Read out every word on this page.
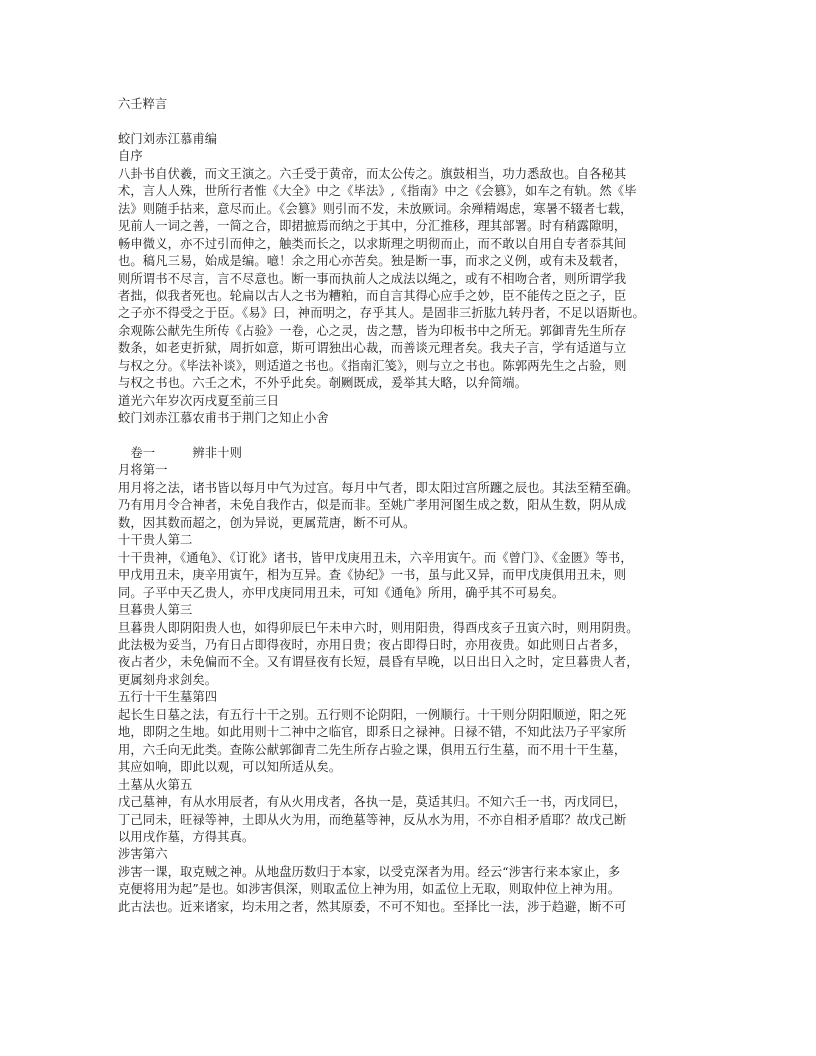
六壬粹言
蛟门刘赤江慕甫编
自序
八卦书自伏羲，而文王演之。六壬受于黄帝，而太公传之。旗鼓相当，功力悉敌也。自各秘其
术，言人人殊，世所行者惟《大全》中之《毕法》,《指南》中之《会篡》，如车之有轨。然《毕
法》则随手拈来，意尽而止。《会篡》则引而不发，未放厥词。余殚精竭虑，寒暑不辍者七载，
见前人一词之善，一简之合，即捃摭焉而纳之于其中，分汇推移，理其部署。时有稍露隙明，
畅申微义，亦不过引而伸之，触类而长之，以求斯理之明彻而止，而不敢以自用自专者忝其间
也。稿凡三易，始成是编。噫！余之用心亦苦矣。独是断一事，而求之义例，或有未及载者，
则所谓书不尽言，言不尽意也。断一事而执前人之成法以绳之，或有不相吻合者，则所谓学我
者拙，似我者死也。轮扁以古人之书为糟粕，而自言其得心应手之妙，臣不能传之臣之子，臣
之子亦不得受之于臣。《易》曰，神而明之，存乎其人。是固非三折肱九转丹者，不足以语斯也。
余观陈公献先生所传《占验》一卷，心之灵，齿之慧，皆为印板书中之所无。郭御青先生所存
数条，如老吏折狱，周折如意，斯可谓独出心裁，而善谈元理者矣。我夫子言，学有适道与立
与权之分。《毕法补谈》，则适道之书也。《指南汇笺》，则与立之书也。陈郭两先生之占验，则
与权之书也。六壬之术，不外乎此矣。剞劂既成，爰举其大略，以弁简端。
道光六年岁次丙戌夏至前三日
蛟门刘赤江慕农甫书于荆门之知止小舍
　卷一　　　辨非十则
月将第一
用月将之法，诸书皆以每月中气为过宫。每月中气者，即太阳过宫所躔之辰也。其法至精至确。
乃有用月令合神者，未免自我作古，似是而非。至姚广孝用河图生成之数，阳从生数，阴从成
数，因其数而超之，创为异说，更属荒唐，断不可从。
十干贵人第二
十干贵神，《通龟》、《订讹》诸书，皆甲戊庚用丑未，六辛用寅午。而《曾门》、《金匮》等书，
甲戊用丑未，庚辛用寅午，相为互异。查《协纪》一书，虽与此又异，而甲戊庚俱用丑未，则
同。子平中天乙贵人，亦甲戊庚同用丑未，可知《通龟》所用，确乎其不可易矣。
旦暮贵人第三
旦暮贵人即阴阳贵人也，如得卯辰巳午未申六时，则用阳贵，得酉戌亥子丑寅六时，则用阴贵。
此法极为妥当，乃有日占即得夜时，亦用日贵；夜占即得日时，亦用夜贵。如此则日占者多，
夜占者少，未免偏而不全。又有谓昼夜有长短，晨昏有早晚，以日出日入之时，定旦暮贵人者，
更属刻舟求剑矣。
五行十干生墓第四
起长生日墓之法，有五行十干之别。五行则不论阴阳，一例顺行。十干则分阴阳顺逆，阳之死
地，即阴之生地。如此用则十二神中之临官，即系日之禄神。日禄不错，不知此法乃子平家所
用，六壬向无此类。查陈公献郭御青二先生所存占验之课，俱用五行生墓，而不用十干生墓，
其应如响，即此以观，可以知所适从矣。
土墓从火第五
戊己墓神，有从水用辰者，有从火用戌者，各执一是，莫适其归。不知六壬一书，丙戊同巳，
丁己同未，旺禄等神，土即从火为用，而绝墓等神，反从水为用，不亦自相矛盾耶？故戊己断
以用戌作墓，方得其真。
涉害第六
涉害一课，取克贼之神。从地盘历数归于本家，以受克深者为用。经云“涉害行来本家止，多
克便将用为起”是也。如涉害俱深，则取孟位上神为用，如孟位上无取，则取仲位上神为用。
此古法也。近来诸家，均未用之者，然其原委，不可不知也。至择比一法，涉于趋避，断不可
